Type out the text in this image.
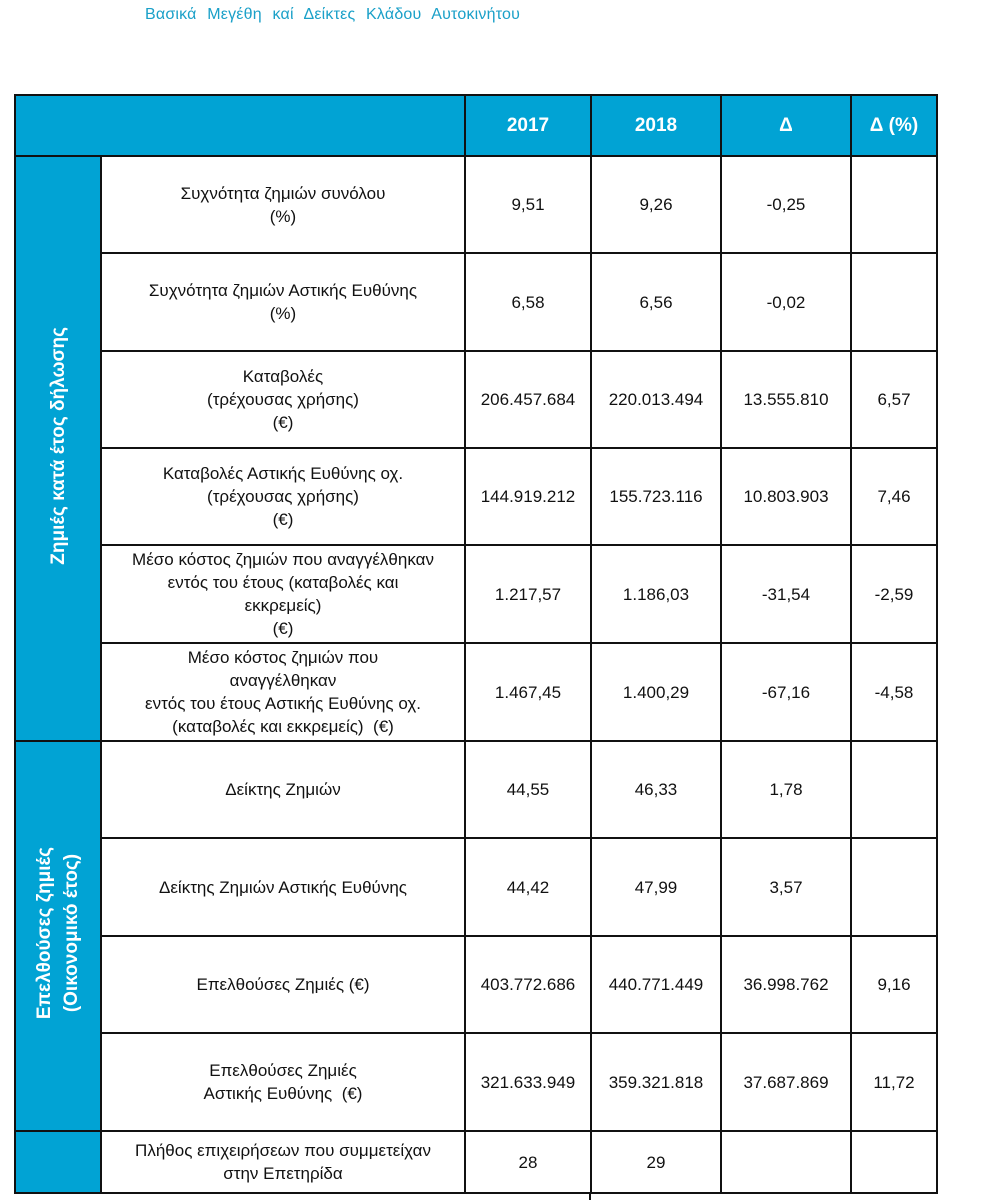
Βασικά Μεγέθη καί Δείκτες Κλάδου Αυτοκινήτου
		2017	2018	Δ	Δ (%)
Ζημιές κατά έτος δήλωσης	Συχνότητα ζημιών συνόλου
(%)	9,51	9,26	-0,25	
	Συχνότητα ζημιών Αστικής Ευθύνης
(%)	6,58	6,56	-0,02	
	Καταβολές
(τρέχουσας χρήσης)
(€)	206.457.684	220.013.494	13.555.810	6,57
	Καταβολές Αστικής Ευθύνης οχ.
(τρέχουσας χρήσης)
(€)	144.919.212	155.723.116	10.803.903	7,46
	Μέσο κόστος ζημιών που αναγγέλθηκαν
εντός του έτους (καταβολές και
εκκρεμείς)
(€)	1.217,57	1.186,03	-31,54	-2,59
	Μέσο κόστος ζημιών που
αναγγέλθηκαν
εντός του έτους Αστικής Ευθύνης οχ.
(καταβολές και εκκρεμείς)  (€)	1.467,45	1.400,29	-67,16	-4,58
Επελθούσες ζημιές
(Οικονομικό έτος)	Δείκτης Ζημιών	44,55	46,33	1,78	
	Δείκτης Ζημιών Αστικής Ευθύνης	44,42	47,99	3,57	
	Επελθούσες Ζημιές (€)	403.772.686	440.771.449	36.998.762	9,16
	Επελθούσες Ζημιές
Αστικής Ευθύνης  (€)	321.633.949	359.321.818	37.687.869	11,72
	Πλήθος επιχειρήσεων που συμμετείχαν
στην Επετηρίδα	28	29		
